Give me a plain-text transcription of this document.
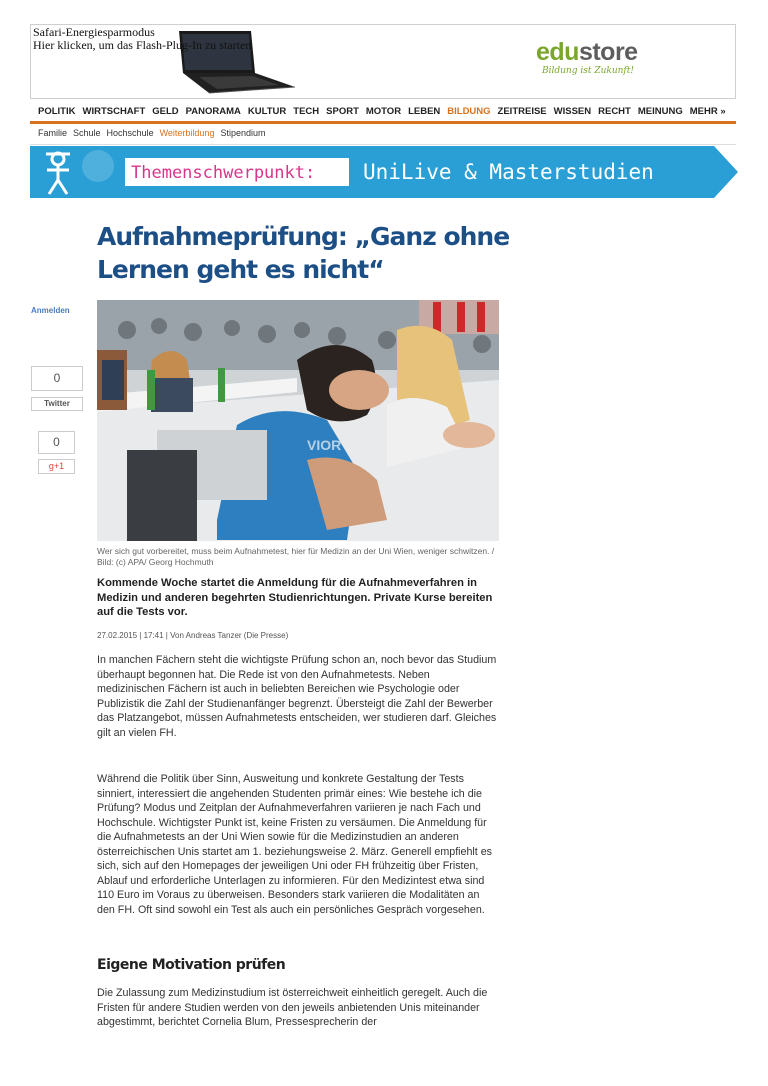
Safari-Energiesparmodus
Hier klicken, um das Flash-Plug-In zu starten	edustore
Bildung ist Zukunft!
POLITIK WIRTSCHAFT GELD PANORAMA KULTUR TECH SPORT MOTOR LEBEN BILDUNG ZEITREISE WISSEN RECHT MEINUNG MEHR »
Familie Schule Hochschule Weiterbildung Stipendium
Themenschwerpunkt: UniLive & Masterstudien
Aufnahmeprüfung: „Ganz ohne Lernen geht es nicht“
Anmelden
0
Twitter
0
g+1
VIOR
Wer sich gut vorbereitet, muss beim Aufnahmetest, hier für Medizin an der Uni Wien, weniger schwitzen. / Bild: (c) APA/ Georg Hochmuth
Kommende Woche startet die Anmeldung für die Aufnahmeverfahren in Medizin und anderen begehrten Studienrichtungen. Private Kurse bereiten auf die Tests vor.
27.02.2015 | 17:41 | Von Andreas Tanzer (Die Presse)

In manchen Fächern steht die wichtigste Prüfung schon an, noch bevor das Studium überhaupt begonnen hat. Die Rede ist von den Aufnahmetests. Neben medizinischen Fächern ist auch in beliebten Bereichen wie Psychologie oder Publizistik die Zahl der Studienanfänger begrenzt. Übersteigt die Zahl der Bewerber das Platzangebot, müssen Aufnahmetests entscheiden, wer studieren darf. Gleiches gilt an vielen FH.

Während die Politik über Sinn, Ausweitung und konkrete Gestaltung der Tests sinniert, interessiert die angehenden Studenten primär eines: Wie bestehe ich die Prüfung? Modus und Zeitplan der Aufnahmeverfahren variieren je nach Fach und Hochschule. Wichtigster Punkt ist, keine Fristen zu versäumen. Die Anmeldung für die Aufnahmetests an der Uni Wien sowie für die Medizinstudien an anderen österreichischen Unis startet am 1. beziehungsweise 2. März. Generell empfiehlt es sich, sich auf den Homepages der jeweiligen Uni oder FH frühzeitig über Fristen, Ablauf und erforderliche Unterlagen zu informieren. Für den Medizintest etwa sind 110 Euro im Voraus zu überweisen. Besonders stark variieren die Modalitäten an den FH. Oft sind sowohl ein Test als auch ein persönliches Gespräch vorgesehen.

Eigene Motivation prüfen

Die Zulassung zum Medizinstudium ist österreichweit einheitlich geregelt. Auch die Fristen für andere Studien werden von den jeweils anbietenden Unis miteinander abgestimmt, berichtet Cornelia Blum, Pressesprecherin der
